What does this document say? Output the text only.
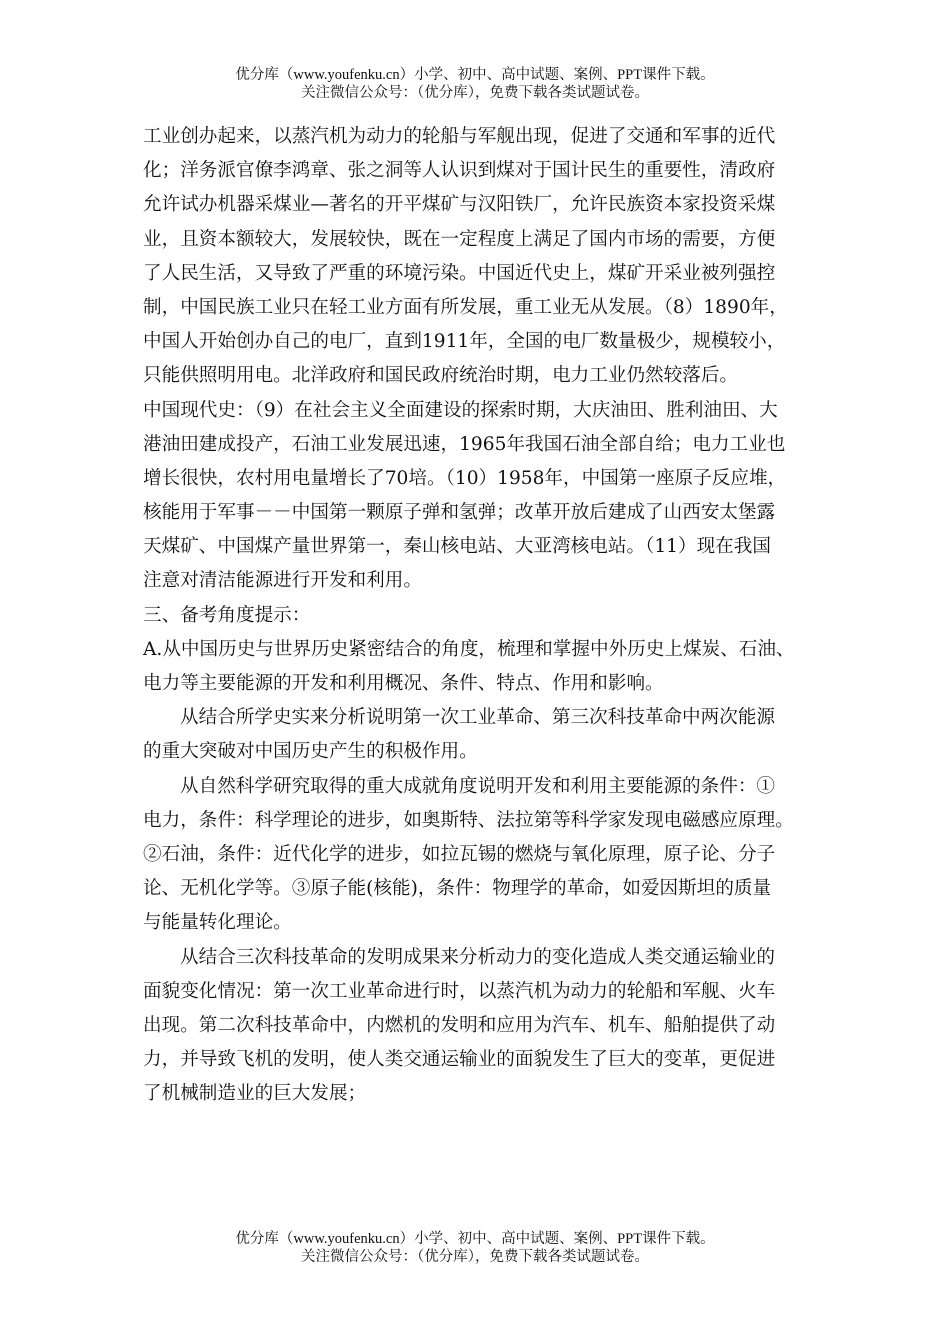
优分库（www.youfenku.cn）小学、初中、高中试题、案例、PPT课件下载。
关注微信公众号：（优分库），免费下载各类试题试卷。
工业创办起来，以蒸汽机为动力的轮船与军舰出现，促进了交通和军事的近代
化；洋务派官僚李鸿章、张之洞等人认识到煤对于国计民生的重要性，清政府
允许试办机器采煤业—著名的开平煤矿与汉阳铁厂，允许民族资本家投资采煤
业，且资本额较大，发展较快，既在一定程度上满足了国内市场的需要，方便
了人民生活，又导致了严重的环境污染。中国近代史上，煤矿开采业被列强控
制，中国民族工业只在轻工业方面有所发展，重工业无从发展。（8）1890年，
中国人开始创办自己的电厂，直到1911年，全国的电厂数量极少，规模较小，
只能供照明用电。北洋政府和国民政府统治时期，电力工业仍然较落后。
中国现代史：（9）在社会主义全面建设的探索时期，大庆油田、胜利油田、大
港油田建成投产，石油工业发展迅速，1965年我国石油全部自给；电力工业也
增长很快，农村用电量增长了70培。（10）1958年，中国第一座原子反应堆，
核能用于军事－－中国第一颗原子弹和氢弹；改革开放后建成了山西安太堡露
天煤矿、中国煤产量世界第一，秦山核电站、大亚湾核电站。（11）现在我国
注意对清洁能源进行开发和利用。
三、备考角度提示：
A.从中国历史与世界历史紧密结合的角度，梳理和掌握中外历史上煤炭、石油、
电力等主要能源的开发和利用概况、条件、特点、作用和影响。
从结合所学史实来分析说明第一次工业革命、第三次科技革命中两次能源
的重大突破对中国历史产生的积极作用。
从自然科学研究取得的重大成就角度说明开发和利用主要能源的条件：①
电力，条件：科学理论的进步，如奥斯特、法拉第等科学家发现电磁感应原理。
②石油，条件：近代化学的进步，如拉瓦锡的燃烧与氧化原理，原子论、分子
论、无机化学等。③原子能(核能)，条件：物理学的革命，如爱因斯坦的质量
与能量转化理论。
从结合三次科技革命的发明成果来分析动力的变化造成人类交通运输业的
面貌变化情况：第一次工业革命进行时，以蒸汽机为动力的轮船和军舰、火车
出现。第二次科技革命中，内燃机的发明和应用为汽车、机车、船舶提供了动
力，并导致飞机的发明，使人类交通运输业的面貌发生了巨大的变革，更促进
了机械制造业的巨大发展；
优分库（www.youfenku.cn）小学、初中、高中试题、案例、PPT课件下载。
关注微信公众号：（优分库），免费下载各类试题试卷。
